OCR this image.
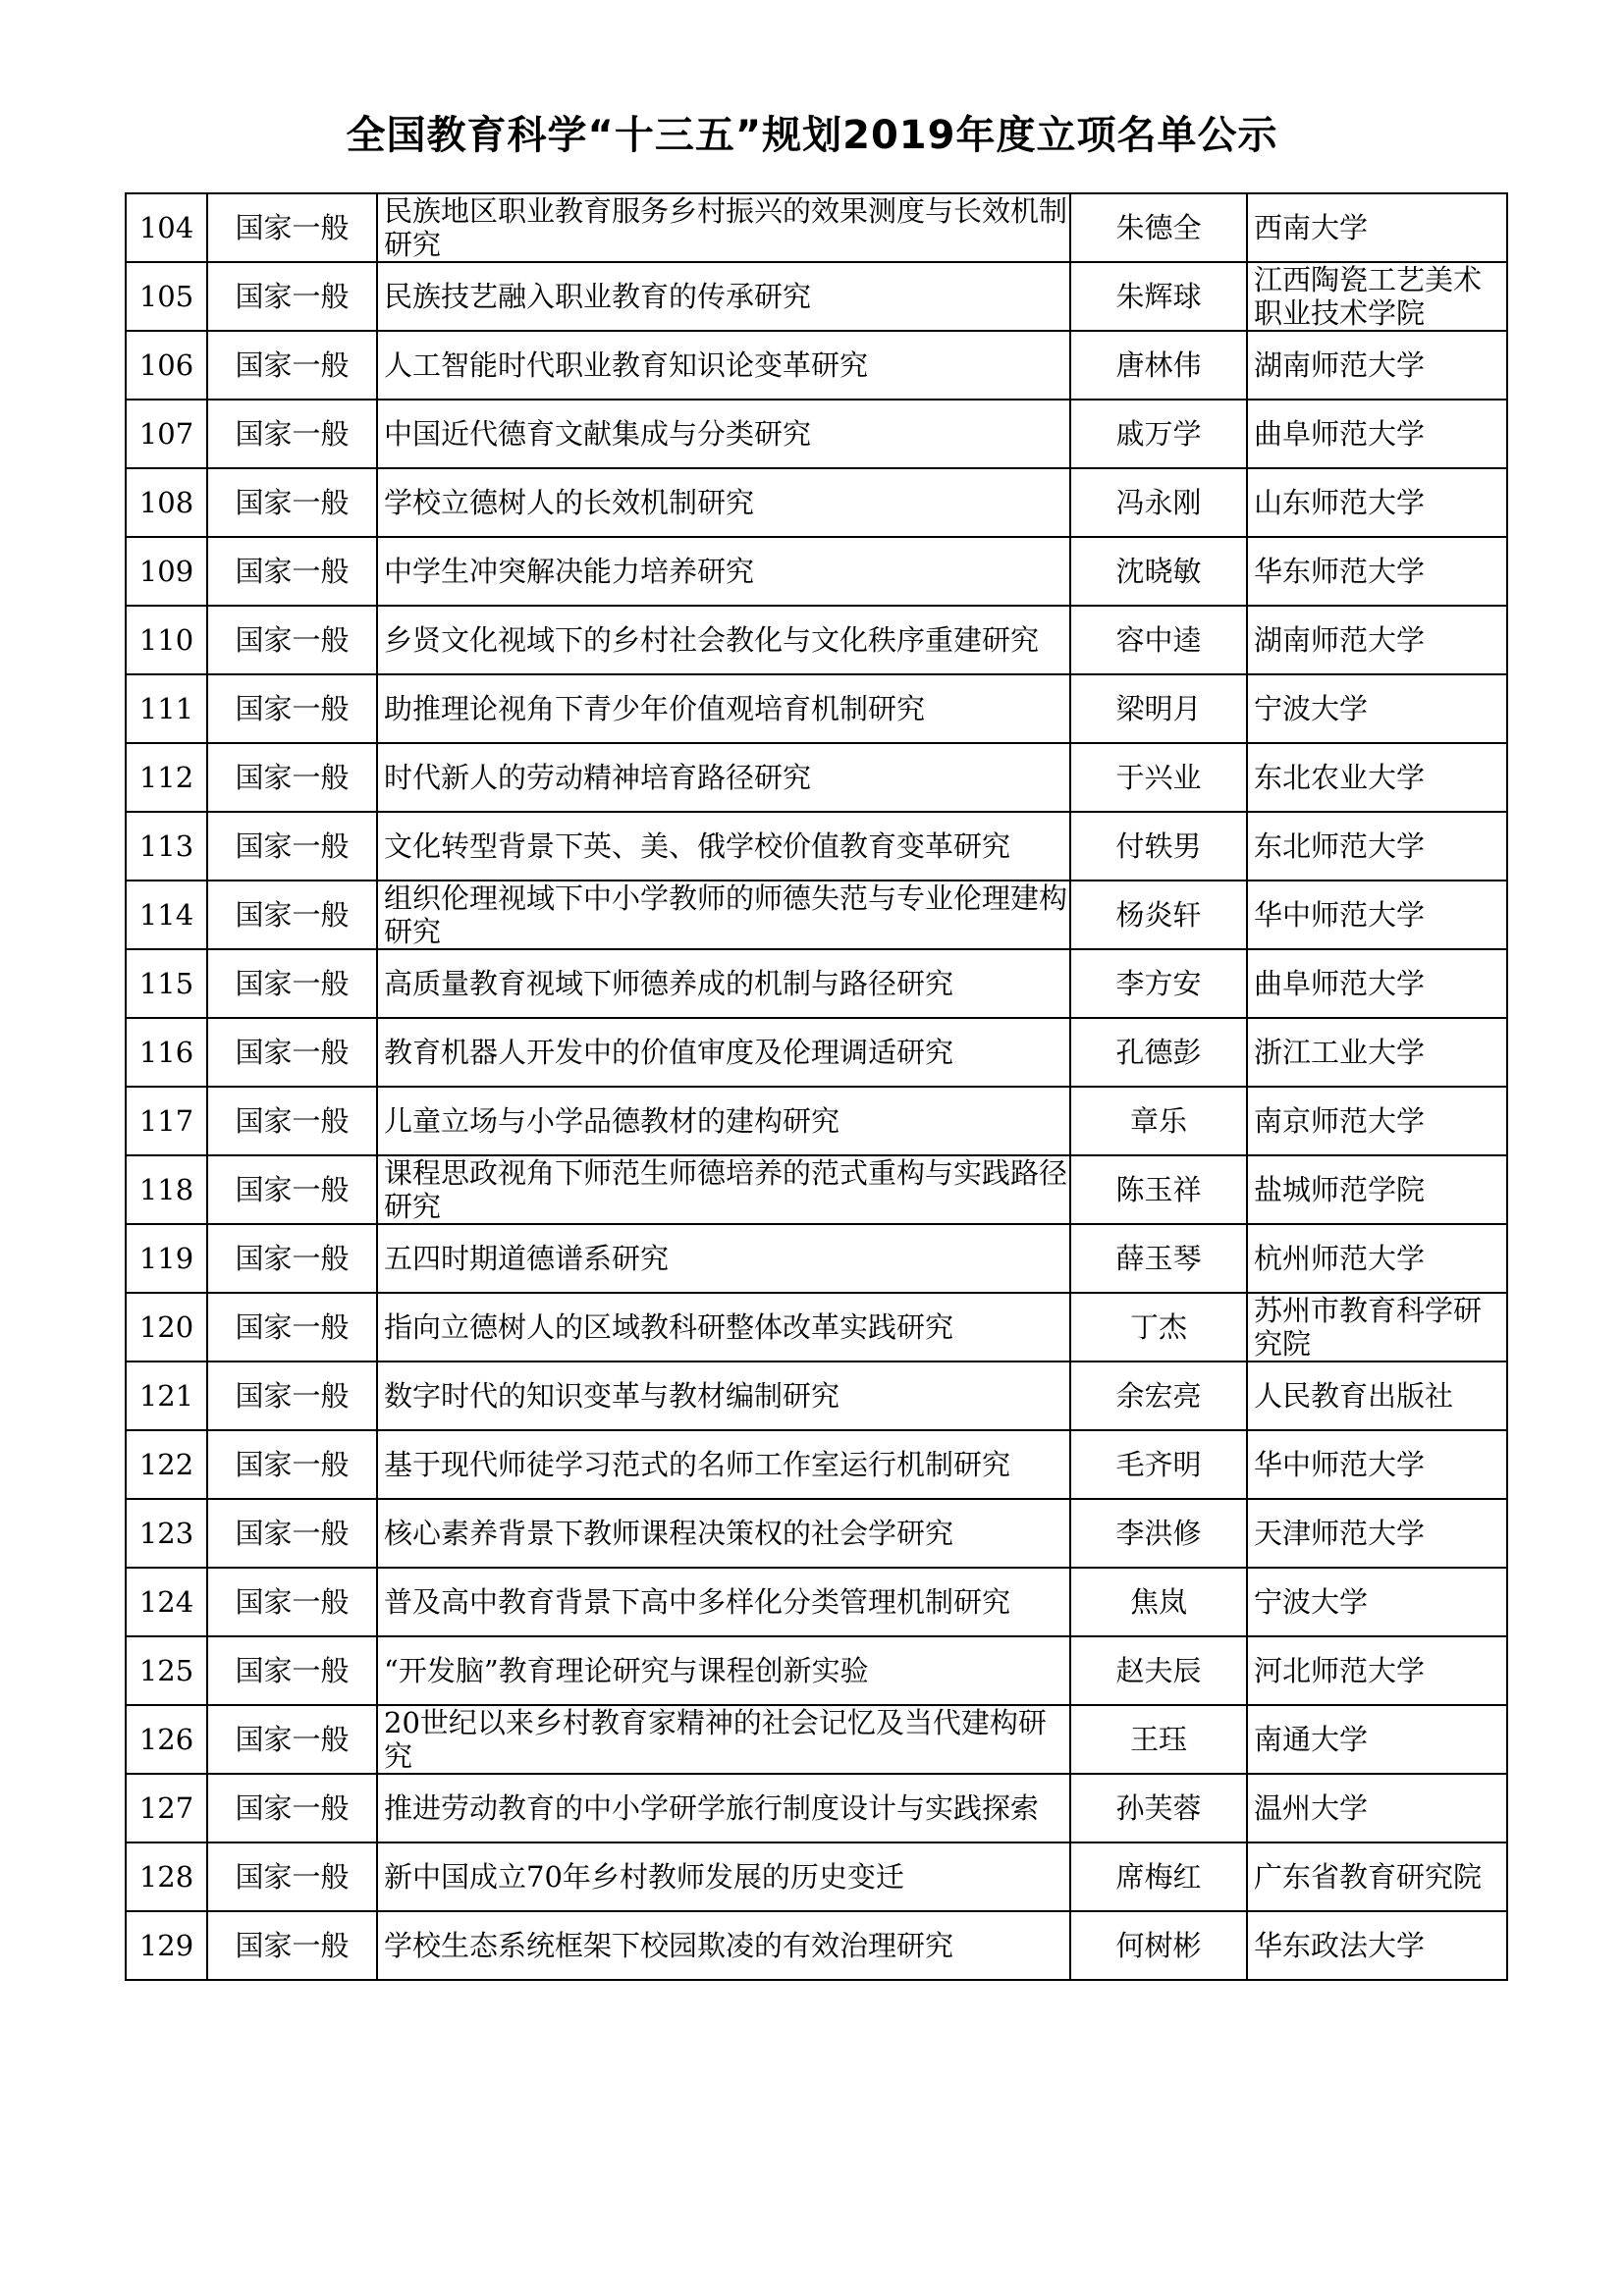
全国教育科学“十三五”规划2019年度立项名单公示
104	国家一般	民族地区职业教育服务乡村振兴的效果测度与长效机制研究	朱德全	西南大学
105	国家一般	民族技艺融入职业教育的传承研究	朱辉球	江西陶瓷工艺美术职业技术学院
106	国家一般	人工智能时代职业教育知识论变革研究	唐林伟	湖南师范大学
107	国家一般	中国近代德育文献集成与分类研究	戚万学	曲阜师范大学
108	国家一般	学校立德树人的长效机制研究	冯永刚	山东师范大学
109	国家一般	中学生冲突解决能力培养研究	沈晓敏	华东师范大学
110	国家一般	乡贤文化视域下的乡村社会教化与文化秩序重建研究	容中逵	湖南师范大学
111	国家一般	助推理论视角下青少年价值观培育机制研究	梁明月	宁波大学
112	国家一般	时代新人的劳动精神培育路径研究	于兴业	东北农业大学
113	国家一般	文化转型背景下英、美、俄学校价值教育变革研究	付轶男	东北师范大学
114	国家一般	组织伦理视域下中小学教师的师德失范与专业伦理建构研究	杨炎轩	华中师范大学
115	国家一般	高质量教育视域下师德养成的机制与路径研究	李方安	曲阜师范大学
116	国家一般	教育机器人开发中的价值审度及伦理调适研究	孔德彭	浙江工业大学
117	国家一般	儿童立场与小学品德教材的建构研究	章乐	南京师范大学
118	国家一般	课程思政视角下师范生师德培养的范式重构与实践路径研究	陈玉祥	盐城师范学院
119	国家一般	五四时期道德谱系研究	薛玉琴	杭州师范大学
120	国家一般	指向立德树人的区域教科研整体改革实践研究	丁杰	苏州市教育科学研究院
121	国家一般	数字时代的知识变革与教材编制研究	余宏亮	人民教育出版社
122	国家一般	基于现代师徒学习范式的名师工作室运行机制研究	毛齐明	华中师范大学
123	国家一般	核心素养背景下教师课程决策权的社会学研究	李洪修	天津师范大学
124	国家一般	普及高中教育背景下高中多样化分类管理机制研究	焦岚	宁波大学
125	国家一般	“开发脑”教育理论研究与课程创新实验	赵夫辰	河北师范大学
126	国家一般	20世纪以来乡村教育家精神的社会记忆及当代建构研究	王珏	南通大学
127	国家一般	推进劳动教育的中小学研学旅行制度设计与实践探索	孙芙蓉	温州大学
128	国家一般	新中国成立70年乡村教师发展的历史变迁	席梅红	广东省教育研究院
129	国家一般	学校生态系统框架下校园欺凌的有效治理研究	何树彬	华东政法大学
